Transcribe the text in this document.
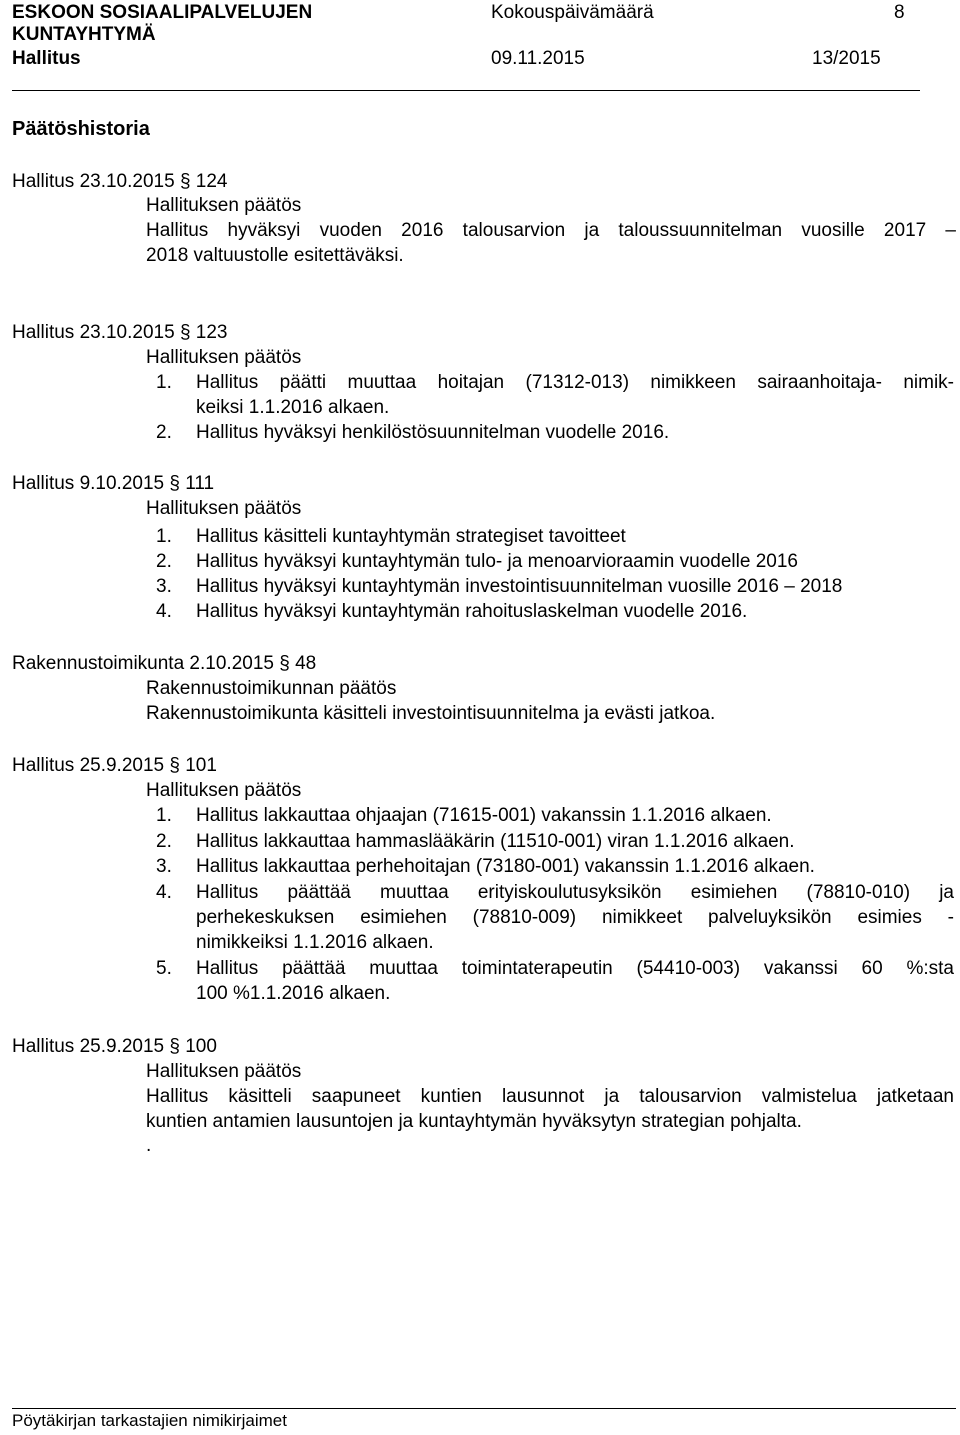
ESKOON SOSIAALIPALVELUJEN	Kokouspäivämäärä	8
KUNTAYHTYMÄ
Hallitus	09.11.2015	13/2015
Päätöshistoria
Hallitus 23.10.2015 § 124
Hallituksen päätös
Hallitus hyväksyi vuoden 2016 talousarvion ja taloussuunnitelman vuosille 2017 –
2018 valtuustolle esitettäväksi.
Hallitus 23.10.2015 § 123
Hallituksen päätös
1. Hallitus päätti muuttaa hoitajan (71312-013) nimikkeen sairaanhoitaja- nimik-
keiksi 1.1.2016 alkaen.
2. Hallitus hyväksyi henkilöstösuunnitelman vuodelle 2016.
Hallitus 9.10.2015 § 111
Hallituksen päätös
1. Hallitus käsitteli kuntayhtymän strategiset tavoitteet
2. Hallitus hyväksyi kuntayhtymän tulo- ja menoarvioraamin vuodelle 2016
3. Hallitus hyväksyi kuntayhtymän investointisuunnitelman vuosille 2016 – 2018
4. Hallitus hyväksyi kuntayhtymän rahoituslaskelman vuodelle 2016.
Rakennustoimikunta 2.10.2015 § 48
Rakennustoimikunnan päätös
Rakennustoimikunta käsitteli investointisuunnitelma ja evästi jatkoa.
Hallitus 25.9.2015 § 101
Hallituksen päätös
1. Hallitus lakkauttaa ohjaajan (71615-001) vakanssin 1.1.2016 alkaen.
2. Hallitus lakkauttaa hammaslääkärin (11510-001) viran 1.1.2016 alkaen.
3. Hallitus lakkauttaa perhehoitajan (73180-001) vakanssin 1.1.2016 alkaen.
4. Hallitus päättää muuttaa erityiskoulutusyksikön esimiehen (78810-010) ja
perhekeskuksen esimiehen (78810-009) nimikkeet palveluyksikön esimies -
nimikkeiksi 1.1.2016 alkaen.
5. Hallitus päättää muuttaa toimintaterapeutin (54410-003) vakanssi 60 %:sta
100 %1.1.2016 alkaen.
Hallitus 25.9.2015 § 100
Hallituksen päätös
Hallitus käsitteli saapuneet kuntien lausunnot ja talousarvion valmistelua jatketaan
kuntien antamien lausuntojen ja kuntayhtymän hyväksytyn strategian pohjalta.
.
Pöytäkirjan tarkastajien nimikirjaimet
